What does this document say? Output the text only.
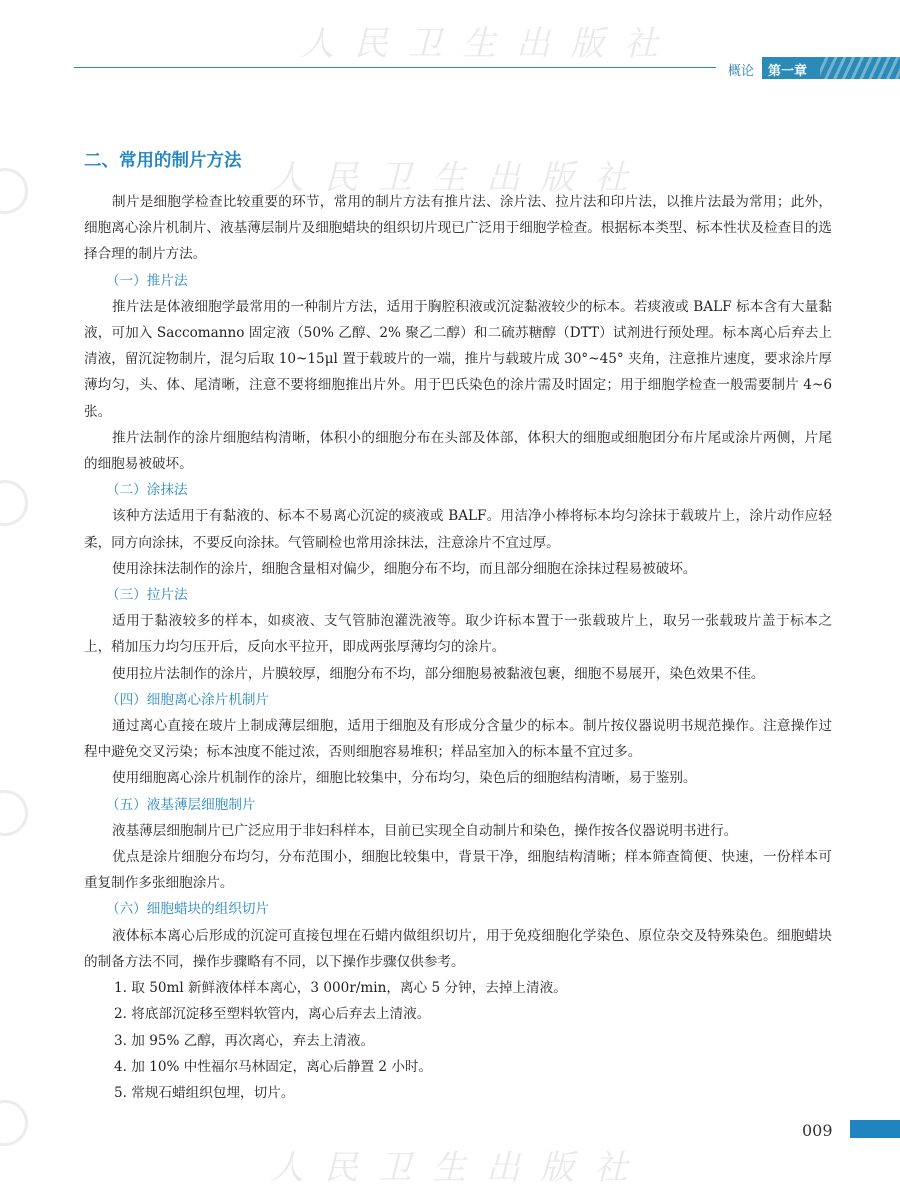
人民卫生出版社
人民卫生出版社
人民卫生出版社
概论 第一章
二、常用的制片方法

制片是细胞学检查比较重要的环节，常用的制片方法有推片法、涂片法、拉片法和印片法，以推片法最为常用；此外，细胞离心涂片机制片、液基薄层制片及细胞蜡块的组织切片现已广泛用于细胞学检查。根据标本类型、标本性状及检查目的选择合理的制片方法。

（一）推片法

推片法是体液细胞学最常用的一种制片方法，适用于胸腔积液或沉淀黏液较少的标本。若痰液或 BALF 标本含有大量黏液，可加入 Saccomanno 固定液（50% 乙醇、2% 聚乙二醇）和二硫苏糖醇（DTT）试剂进行预处理。标本离心后弃去上清液，留沉淀物制片，混匀后取 10~15μl 置于载玻片的一端，推片与载玻片成 30°~45° 夹角，注意推片速度，要求涂片厚薄均匀，头、体、尾清晰，注意不要将细胞推出片外。用于巴氏染色的涂片需及时固定；用于细胞学检查一般需要制片 4~6 张。

推片法制作的涂片细胞结构清晰，体积小的细胞分布在头部及体部，体积大的细胞或细胞团分布片尾或涂片两侧，片尾的细胞易被破坏。

（二）涂抹法

该种方法适用于有黏液的、标本不易离心沉淀的痰液或 BALF。用洁净小棒将标本均匀涂抹于载玻片上，涂片动作应轻柔，同方向涂抹，不要反向涂抹。气管刷检也常用涂抹法，注意涂片不宜过厚。

使用涂抹法制作的涂片，细胞含量相对偏少，细胞分布不均，而且部分细胞在涂抹过程易被破坏。

（三）拉片法

适用于黏液较多的样本，如痰液、支气管肺泡灌洗液等。取少许标本置于一张载玻片上，取另一张载玻片盖于标本之上，稍加压力均匀压开后，反向水平拉开，即成两张厚薄均匀的涂片。

使用拉片法制作的涂片，片膜较厚，细胞分布不均，部分细胞易被黏液包裹，细胞不易展开，染色效果不佳。

（四）细胞离心涂片机制片

通过离心直接在玻片上制成薄层细胞，适用于细胞及有形成分含量少的标本。制片按仪器说明书规范操作。注意操作过程中避免交叉污染；标本浊度不能过浓，否则细胞容易堆积；样品室加入的标本量不宜过多。

使用细胞离心涂片机制作的涂片，细胞比较集中，分布均匀，染色后的细胞结构清晰，易于鉴别。

（五）液基薄层细胞制片

液基薄层细胞制片已广泛应用于非妇科样本，目前已实现全自动制片和染色，操作按各仪器说明书进行。

优点是涂片细胞分布均匀，分布范围小，细胞比较集中，背景干净，细胞结构清晰；样本筛查简便、快速，一份样本可重复制作多张细胞涂片。

（六）细胞蜡块的组织切片

液体标本离心后形成的沉淀可直接包埋在石蜡内做组织切片，用于免疫细胞化学染色、原位杂交及特殊染色。细胞蜡块的制备方法不同，操作步骤略有不同，以下操作步骤仅供参考。

1. 取 50ml 新鲜液体样本离心，3 000r/min，离心 5 分钟，去掉上清液。

2. 将底部沉淀移至塑料软管内，离心后弃去上清液。

3. 加 95% 乙醇，再次离心，弃去上清液。

4. 加 10% 中性福尔马林固定，离心后静置 2 小时。

5. 常规石蜡组织包埋，切片。

009
